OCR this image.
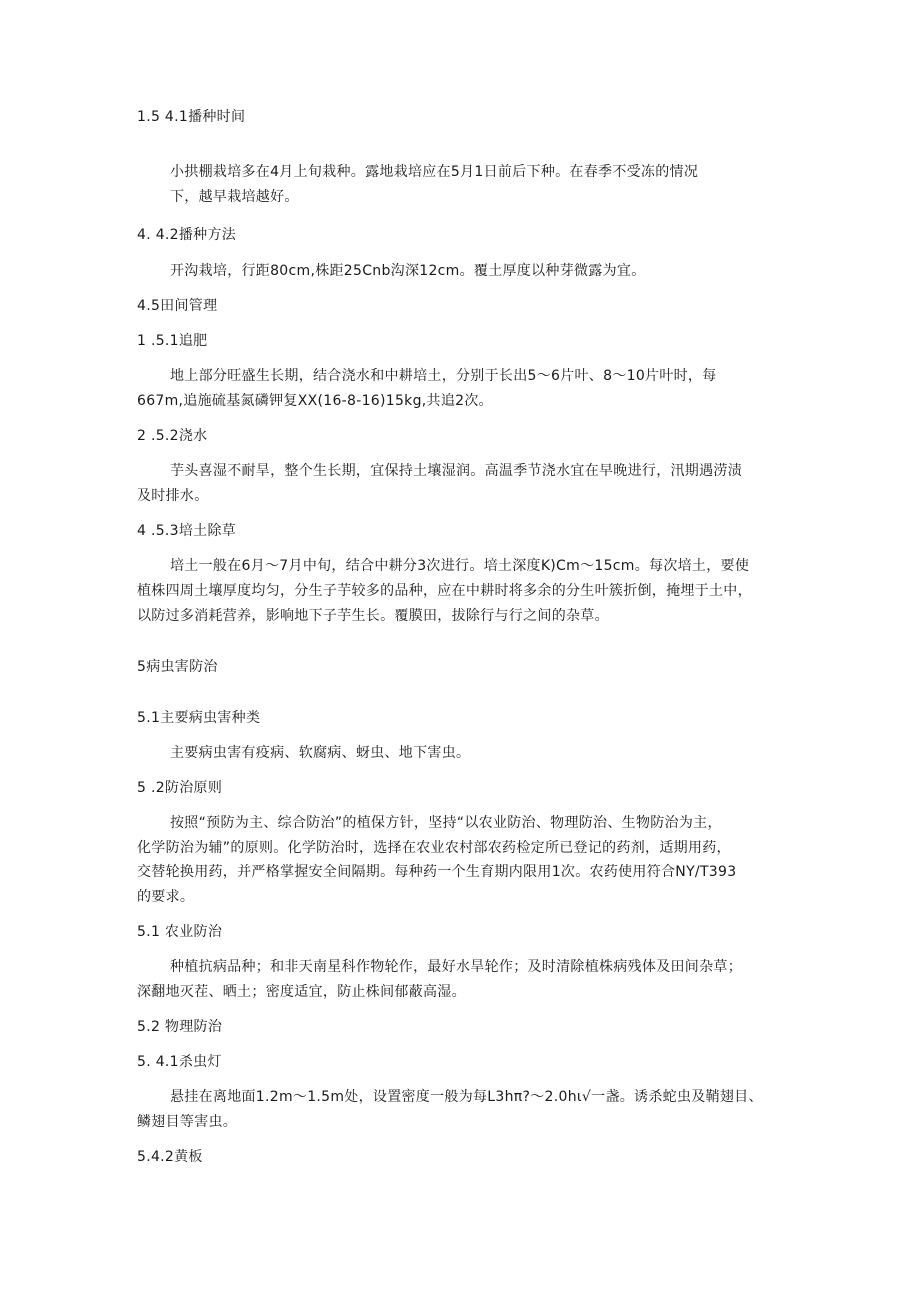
1.5 4.1播种时间
小拱棚栽培多在4月上旬栽种。露地栽培应在5月1日前后下种。在春季不受冻的情况
下，越早栽培越好。
4. 4.2播种方法
开沟栽培，行距80cm,株距25Cnb沟深12cm。覆土厚度以种芽微露为宜。
4.5田间管理
1 .5.1追肥
地上部分旺盛生长期，结合浇水和中耕培土，分别于长出5～6片叶、8～10片叶时，每
667m,追施硫基氮磷钾复XX(16-8-16)15kg,共追2次。
2 .5.2浇水
芋头喜湿不耐旱，整个生长期，宜保持土壤湿润。高温季节浇水宜在早晚进行，汛期遇涝渍
及时排水。
4 .5.3培土除草
培土一般在6月～7月中旬，结合中耕分3次进行。培土深度K)Cm～15cm。每次培土，要使
植株四周土壤厚度均匀，分生子芋较多的品种，应在中耕时将多余的分生叶簇折倒，掩埋于土中，
以防过多消耗营养，影响地下子芋生长。覆膜田，拔除行与行之间的杂草。
5病虫害防治
5.1主要病虫害种类
主要病虫害有疫病、软腐病、蚜虫、地下害虫。
5 .2防治原则
按照“预防为主、综合防治”的植保方针，坚持“以农业防治、物理防治、生物防治为主，
化学防治为辅”的原则。化学防治时，选择在农业农村部农药检定所已登记的药剂，适期用药，
交替轮换用药，并严格掌握安全间隔期。每种药一个生育期内限用1次。农药使用符合NY/T393
的要求。
5.1 农业防治
种植抗病品种；和非天南星科作物轮作，最好水旱轮作；及时清除植株病残体及田间杂草；
深翻地灭茬、晒土；密度适宜，防止株间郁蔽高湿。
5.2 物理防治
5. 4.1杀虫灯
悬挂在离地面1.2m～1.5m处，设置密度一般为每L3hπ?～2.0hι√一盏。诱杀蛇虫及鞘翅目、
鳞翅目等害虫。
5.4.2黄板
